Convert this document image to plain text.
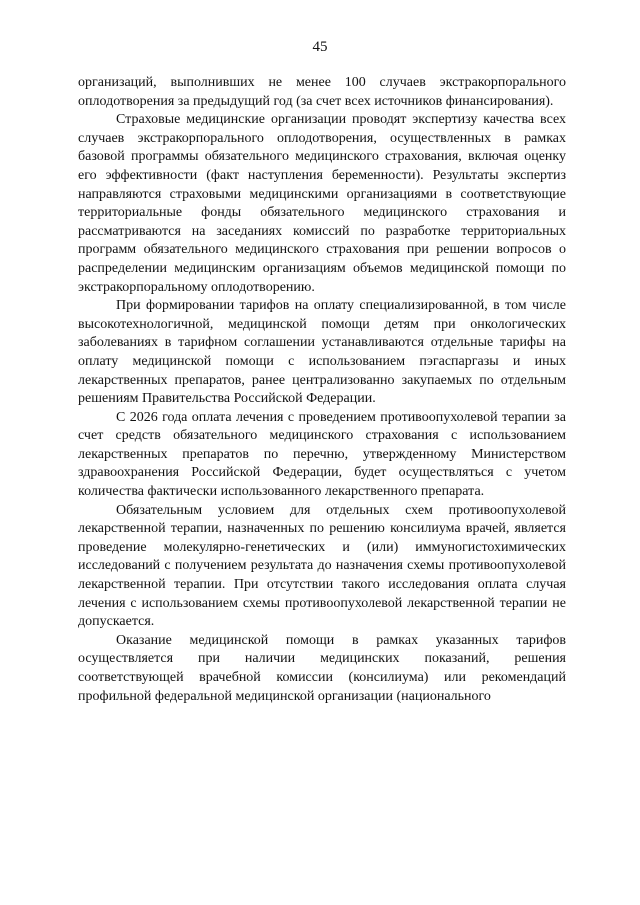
45

организаций, выполнивших не менее 100 случаев экстракорпорального оплодотворения за предыдущий год (за счет всех источников финансирования).

Страховые медицинские организации проводят экспертизу качества всех случаев экстракорпорального оплодотворения, осуществленных в рамках базовой программы обязательного медицинского страхования, включая оценку его эффективности (факт наступления беременности). Результаты экспертиз направляются страховыми медицинскими организациями в соответствующие территориальные фонды обязательного медицинского страхования и рассматриваются на заседаниях комиссий по разработке территориальных программ обязательного медицинского страхования при решении вопросов о распределении медицинским организациям объемов медицинской помощи по экстракорпоральному оплодотворению.

При формировании тарифов на оплату специализированной, в том числе высокотехнологичной, медицинской помощи детям при онкологических заболеваниях в тарифном соглашении устанавливаются отдельные тарифы на оплату медицинской помощи с использованием пэгаспаргазы и иных лекарственных препаратов, ранее централизованно закупаемых по отдельным решениям Правительства Российской Федерации.

С 2026 года оплата лечения с проведением противоопухолевой терапии за счет средств обязательного медицинского страхования с использованием лекарственных препаратов по перечню, утвержденному Министерством здравоохранения Российской Федерации, будет осуществляться с учетом количества фактически использованного лекарственного препарата.

Обязательным условием для отдельных схем противоопухолевой лекарственной терапии, назначенных по решению консилиума врачей, является проведение молекулярно-генетических и (или) иммуногистохимических исследований с получением результата до назначения схемы противоопухолевой лекарственной терапии. При отсутствии такого исследования оплата случая лечения с использованием схемы противоопухолевой лекарственной терапии не допускается.

Оказание медицинской помощи в рамках указанных тарифов осуществляется при наличии медицинских показаний, решения соответствующей врачебной комиссии (консилиума) или рекомендаций профильной федеральной медицинской организации (национального
